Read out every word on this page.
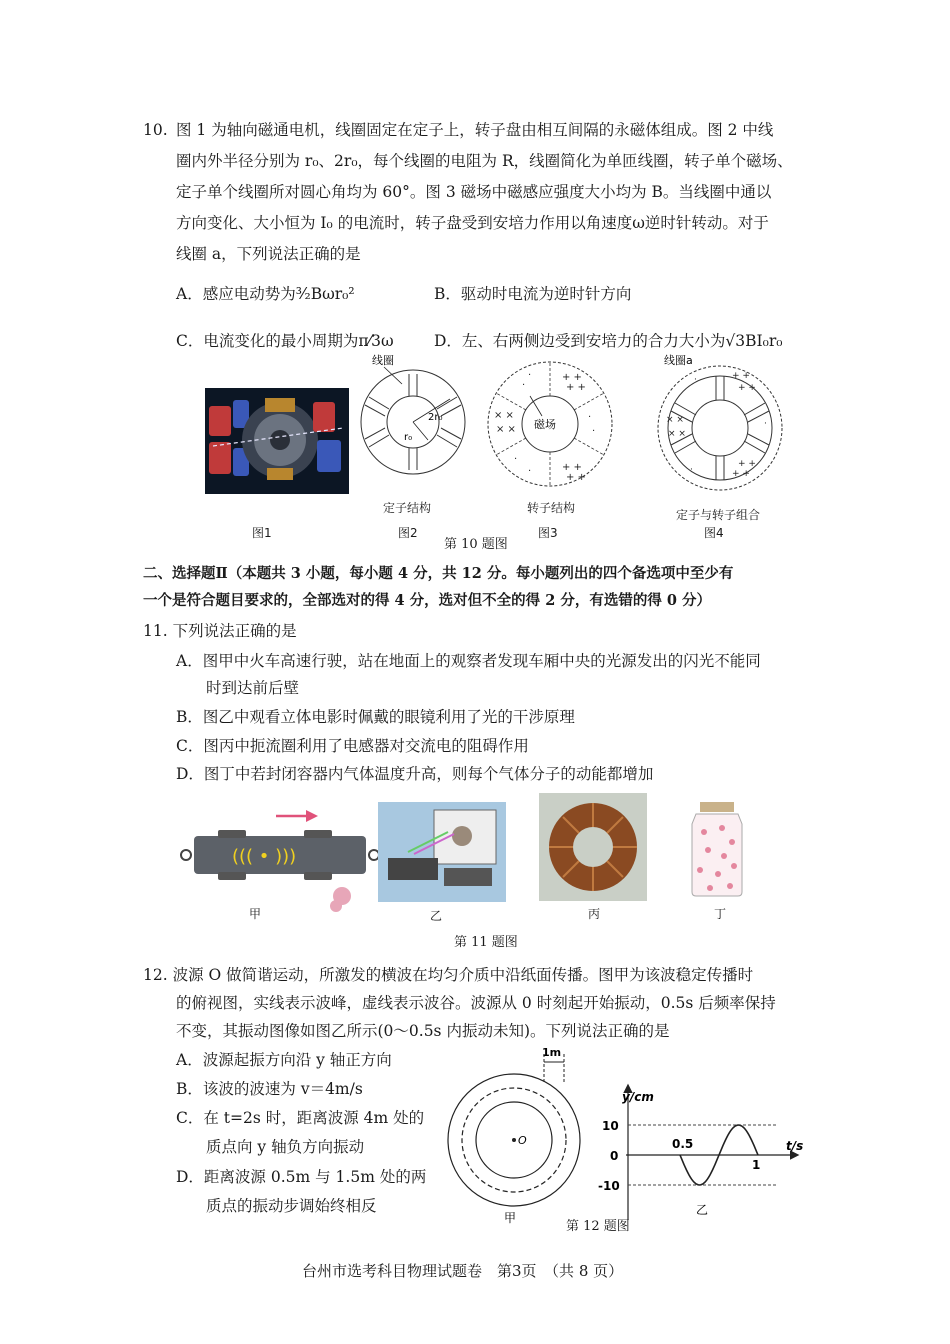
10. 图 1 为轴向磁通电机，线圈固定在定子上，转子盘由相互间隔的永磁体组成。图 2 中线
圈内外半径分别为 r₀、2r₀，每个线圈的电阻为 R，线圈简化为单匝线圈，转子单个磁场、
定子单个线圈所对圆心角均为 60°。图 3 磁场中磁感应强度大小均为 B。当线圈中通以
方向变化、大小恒为 I₀ 的电流时，转子盘受到安培力作用以角速度ω逆时针转动。对于
线圈 a，下列说法正确的是
A．感应电动势为³⁄₂Bωr₀²	B．驱动时电流为逆时针方向
C．电流变化的最小周期为π⁄3ω	D．左、右两侧边受到安培力的合力大小为√3BI₀r₀
线圈
2r₀
r₀
+ +
+ +
× ×
× ×
+ +
+ +
·
·
·
·
·
·
磁场
线圈a
+ +
+ +
× ×
× ×
+ +
+ +
·
·
·
定子结构	转子结构	定子与转子组合
图1	图2	图3	图4
第 10 题图
二、选择题Ⅱ（本题共 3 小题，每小题 4 分，共 12 分。每小题列出的四个备选项中至少有
一个是符合题目要求的，全部选对的得 4 分，选对但不全的得 2 分，有选错的得 0 分）
11. 下列说法正确的是
A．图甲中火车高速行驶，站在地面上的观察者发现车厢中央的光源发出的闪光不能同
时到达前后壁
B．图乙中观看立体电影时佩戴的眼镜利用了光的干涉原理
C．图丙中扼流圈利用了电感器对交流电的阻碍作用
D．图丁中若封闭容器内气体温度升高，则每个气体分子的动能都增加
((( • )))
甲	乙	丙	丁
第 11 题图
12. 波源 O 做简谐运动，所激发的横波在均匀介质中沿纸面传播。图甲为该波稳定传播时
的俯视图，实线表示波峰，虚线表示波谷。波源从 0 时刻起开始振动，0.5s 后频率保持
不变，其振动图像如图乙所示(0～0.5s 内振动未知)。下列说法正确的是
A．波源起振方向沿 y 轴正方向
B．该波的波速为 v＝4m/s
C．在 t=2s 时，距离波源 4m 处的
质点向 y 轴负方向振动
D．距离波源 0.5m 与 1.5m 处的两
质点的振动步调始终相反
1m
O
甲
y/cm
t/s
10
0
-10
0.5
1
乙
第 12 题图
台州市选考科目物理试题卷　第3页　（共 8 页）
